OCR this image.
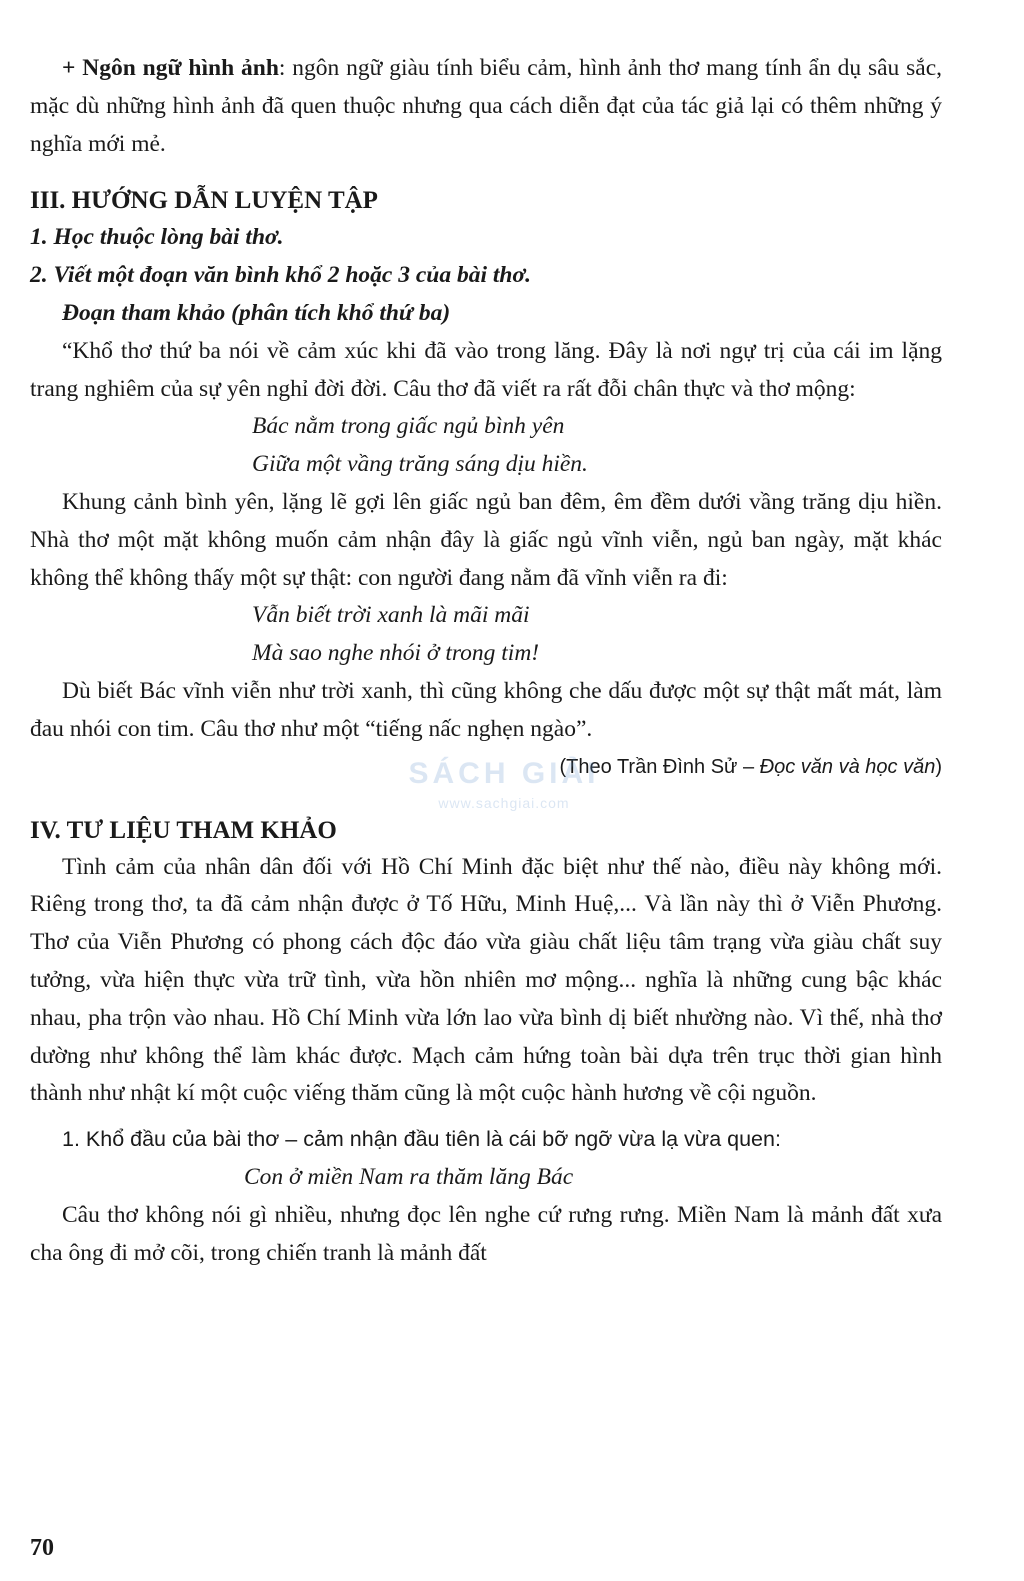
+ Ngôn ngữ hình ảnh: ngôn ngữ giàu tính biểu cảm, hình ảnh thơ mang tính ẩn dụ sâu sắc, mặc dù những hình ảnh đã quen thuộc nhưng qua cách diễn đạt của tác giả lại có thêm những ý nghĩa mới mẻ.

III. HƯỚNG DẪN LUYỆN TẬP

1. Học thuộc lòng bài thơ.

2. Viết một đoạn văn bình khổ 2 hoặc 3 của bài thơ.

Đoạn tham khảo (phân tích khổ thứ ba)

“Khổ thơ thứ ba nói về cảm xúc khi đã vào trong lăng. Đây là nơi ngự trị của cái im lặng trang nghiêm của sự yên nghỉ đời đời. Câu thơ đã viết ra rất đỗi chân thực và thơ mộng:

Bác nằm trong giấc ngủ bình yên

Giữa một vầng trăng sáng dịu hiền.

Khung cảnh bình yên, lặng lẽ gợi lên giấc ngủ ban đêm, êm đềm dưới vầng trăng dịu hiền. Nhà thơ một mặt không muốn cảm nhận đây là giấc ngủ vĩnh viễn, ngủ ban ngày, mặt khác không thể không thấy một sự thật: con người đang nằm đã vĩnh viễn ra đi:

Vẫn biết trời xanh là mãi mãi

Mà sao nghe nhói ở trong tim!

Dù biết Bác vĩnh viễn như trời xanh, thì cũng không che dấu được một sự thật mất mát, làm đau nhói con tim. Câu thơ như một “tiếng nấc nghẹn ngào”.

(Theo Trần Đình Sử – Đọc văn và học văn)

IV. TƯ LIỆU THAM KHẢO

Tình cảm của nhân dân đối với Hồ Chí Minh đặc biệt như thế nào, điều này không mới. Riêng trong thơ, ta đã cảm nhận được ở Tố Hữu, Minh Huệ,... Và lần này thì ở Viễn Phương. Thơ của Viễn Phương có phong cách độc đáo vừa giàu chất liệu tâm trạng vừa giàu chất suy tưởng, vừa hiện thực vừa trữ tình, vừa hồn nhiên mơ mộng... nghĩa là những cung bậc khác nhau, pha trộn vào nhau. Hồ Chí Minh vừa lớn lao vừa bình dị biết nhường nào. Vì thế, nhà thơ dường như không thể làm khác được. Mạch cảm hứng toàn bài dựa trên trục thời gian hình thành như nhật kí một cuộc viếng thăm cũng là một cuộc hành hương về cội nguồn.

1. Khổ đầu của bài thơ – cảm nhận đầu tiên là cái bỡ ngỡ vừa lạ vừa quen:

Con ở miền Nam ra thăm lăng Bác

Câu thơ không nói gì nhiều, nhưng đọc lên nghe cứ rưng rưng. Miền Nam là mảnh đất xưa cha ông đi mở cõi, trong chiến tranh là mảnh đất

SÁCH GIẢI
www.sachgiai.com

70
